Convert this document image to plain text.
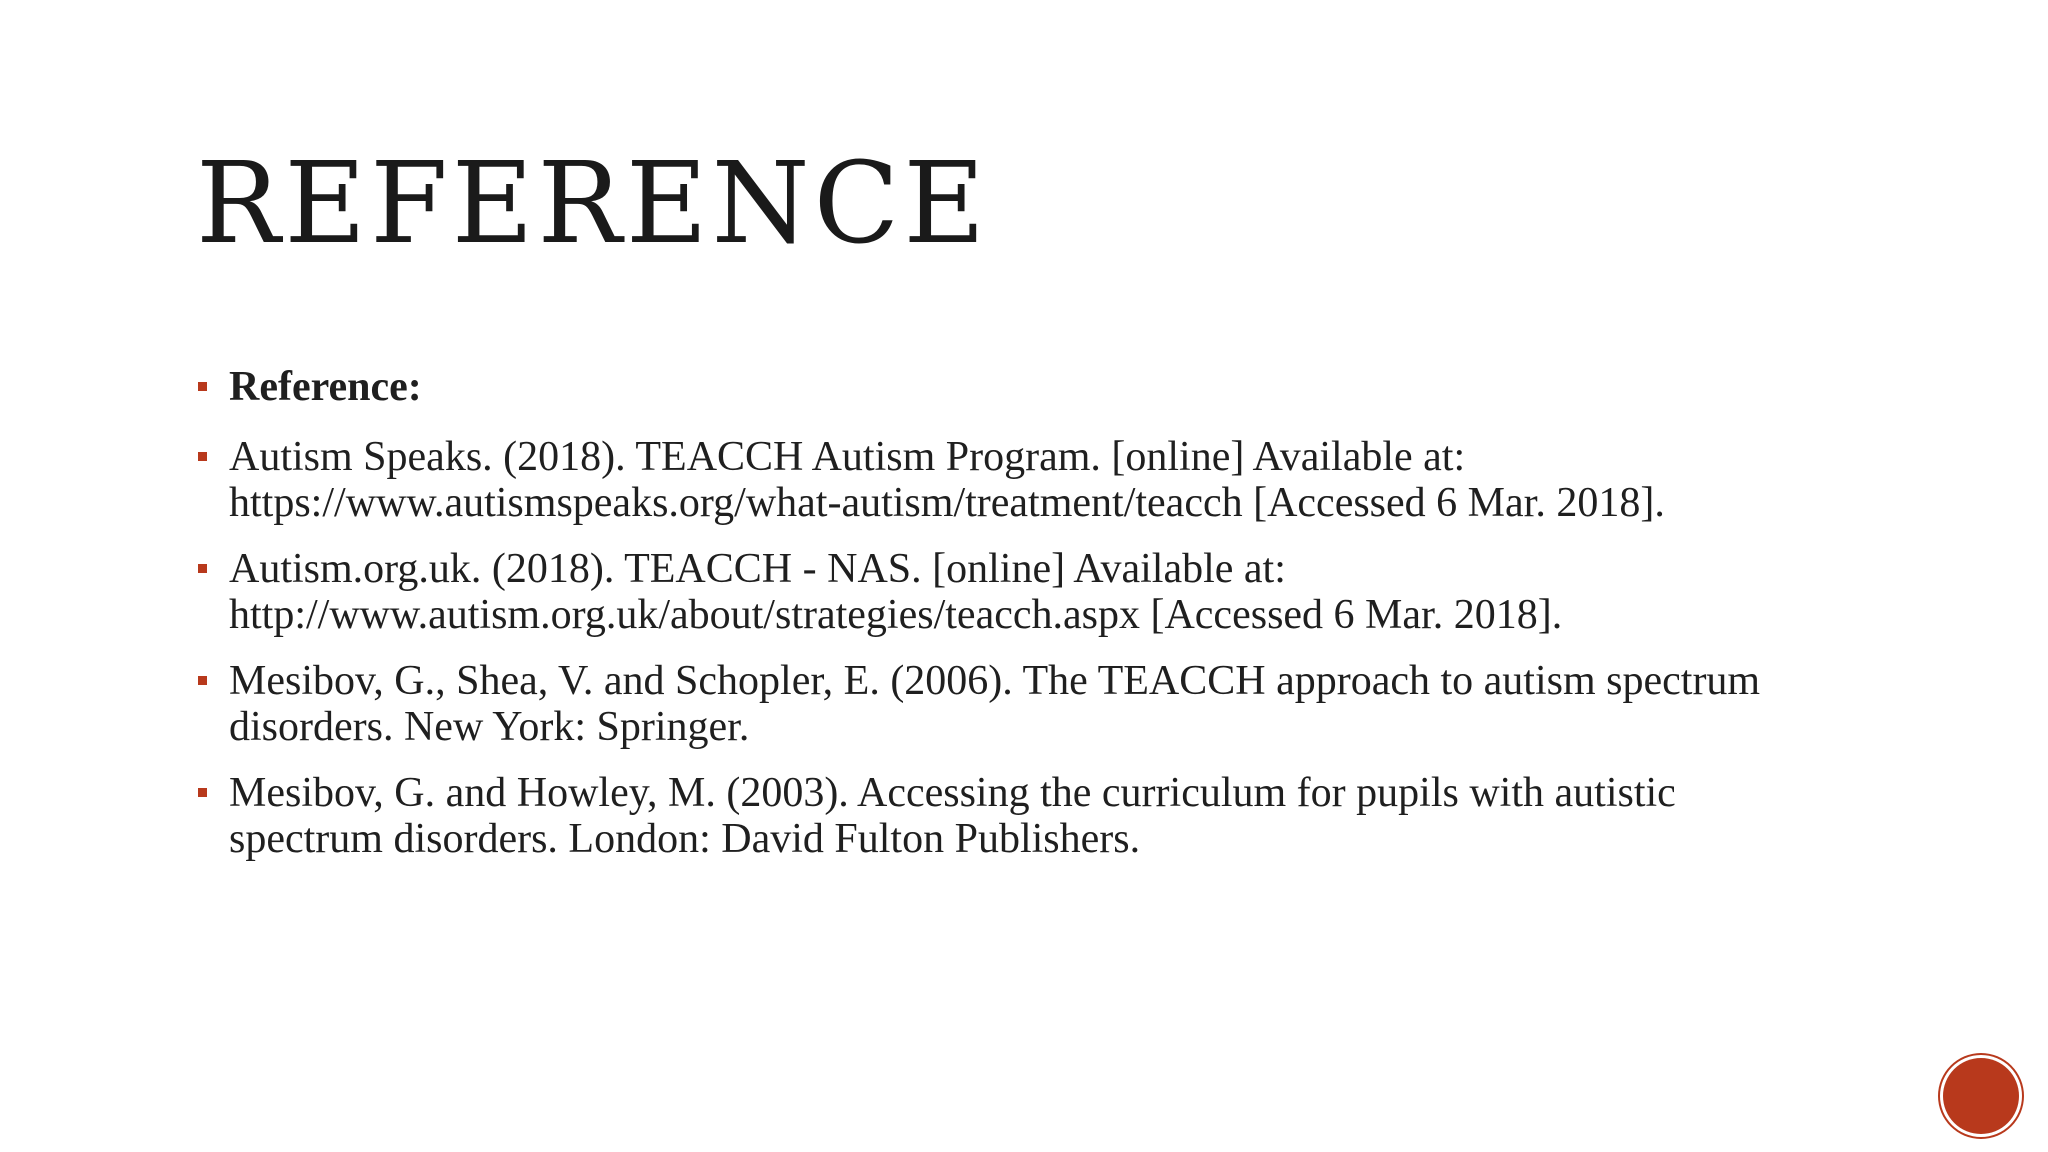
REFERENCE
Reference:
Autism Speaks. (2018). TEACCH Autism Program. [online] Available at: https://www.autismspeaks.org/what-autism/treatment/teacch [Accessed 6 Mar. 2018].
Autism.org.uk. (2018). TEACCH - NAS. [online] Available at: http://www.autism.org.uk/about/strategies/teacch.aspx [Accessed 6 Mar. 2018].
Mesibov, G., Shea, V. and Schopler, E. (2006). The TEACCH approach to autism spectrum disorders. New York: Springer.
Mesibov, G. and Howley, M. (2003). Accessing the curriculum for pupils with autistic spectrum disorders. London: David Fulton Publishers.
